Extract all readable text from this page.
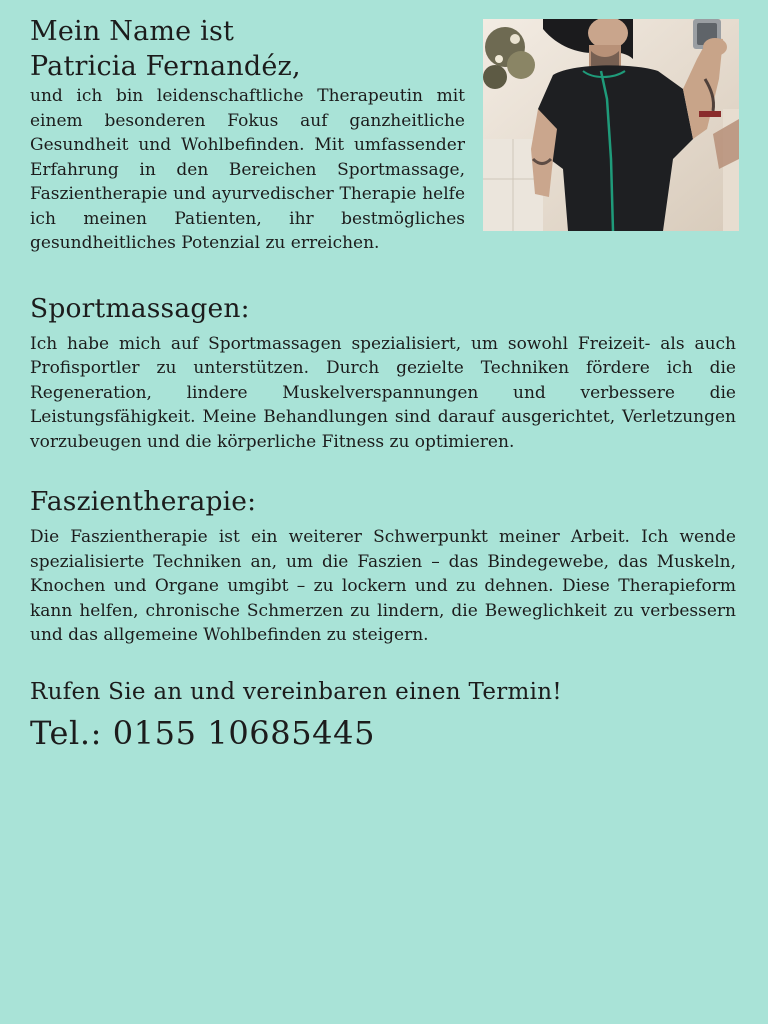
Mein Name ist
Patricia Fernandéz,

und ich bin leidenschaftliche Therapeutin mit einem besonderen Fokus auf ganzheitliche Gesundheit und Wohlbefinden. Mit umfassender Erfahrung in den Bereichen Sportmassage, Faszientherapie und ayurvedischer Therapie helfe ich meinen Patienten, ihr bestmögliches gesundheitliches Potenzial zu erreichen.

Sportmassagen:

Ich habe mich auf Sportmassagen spezialisiert, um sowohl Freizeit- als auch Profisportler zu unterstützen. Durch gezielte Techniken fördere ich die Regeneration, lindere Muskelverspannungen und verbessere die Leistungsfähigkeit. Meine Behandlungen sind darauf ausgerichtet, Verletzungen vorzubeugen und die körperliche Fitness zu optimieren.

Faszientherapie:

Die Faszientherapie ist ein weiterer Schwerpunkt meiner Arbeit. Ich wende spezialisierte Techniken an, um die Faszien – das Bindegewebe, das Muskeln, Knochen und Organe umgibt – zu lockern und zu dehnen. Diese Therapieform kann helfen, chronische Schmerzen zu lindern, die Beweglichkeit zu verbessern und das allgemeine Wohlbefinden zu steigern.

Rufen Sie an und vereinbaren einen Termin!
Tel.: 0155 10685445
